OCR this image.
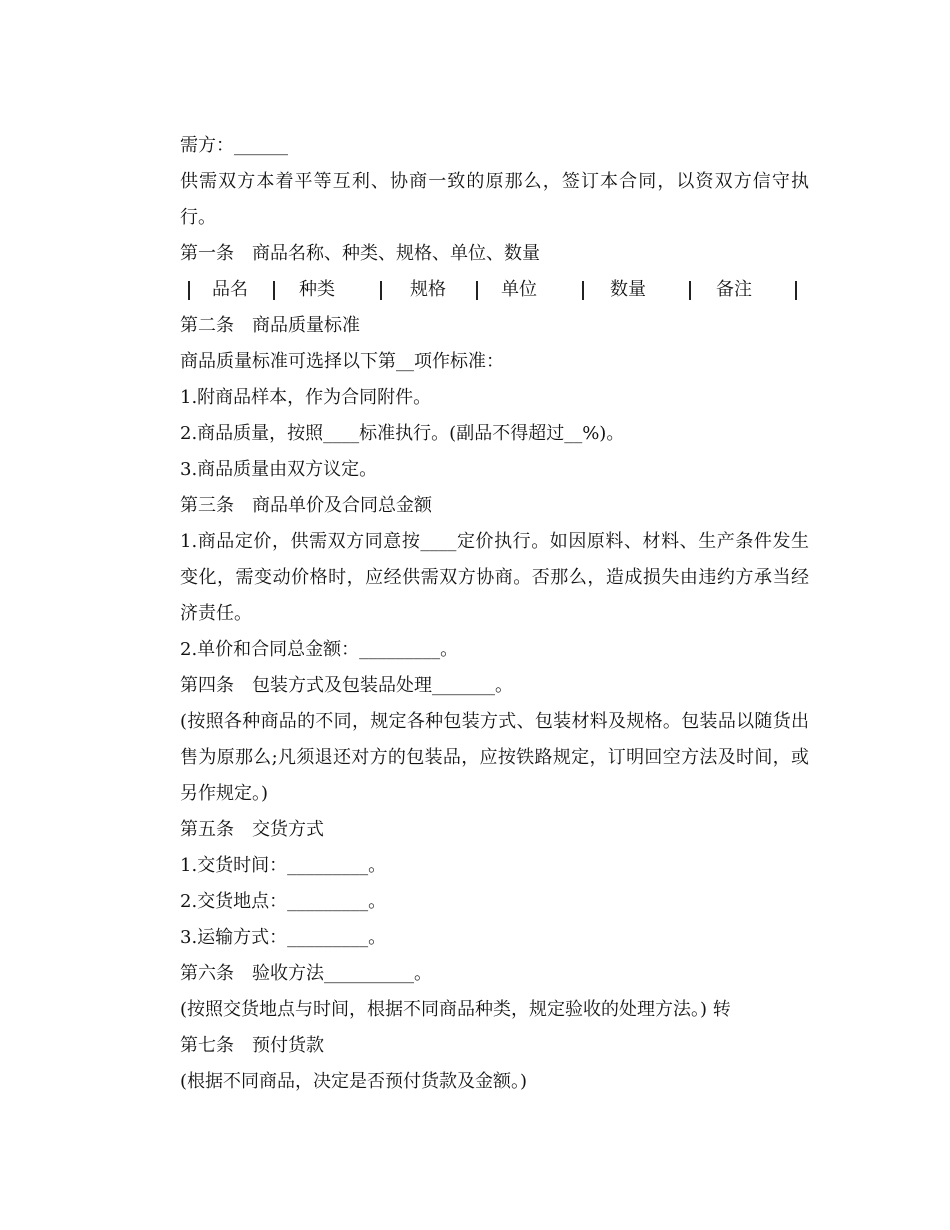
需方：______

供需双方本着平等互利、协商一致的原那么，签订本合同，以资双方信守执行。

第一条　商品名称、种类、规格、单位、数量

品名	种类	规格	单位	数量	备注

第二条　商品质量标准

商品质量标准可选择以下第__项作标准：

1.附商品样本，作为合同附件。

2.商品质量，按照____标准执行。(副品不得超过__%)。

3.商品质量由双方议定。

第三条　商品单价及合同总金额

1.商品定价，供需双方同意按____定价执行。如因原料、材料、生产条件发生变化，需变动价格时，应经供需双方协商。否那么，造成损失由违约方承当经济责任。

2.单价和合同总金额：_________。

第四条　包装方式及包装品处理_______。

(按照各种商品的不同，规定各种包装方式、包装材料及规格。包装品以随货出售为原那么;凡须退还对方的包装品，应按铁路规定，订明回空方法及时间，或另作规定。)

第五条　交货方式

1.交货时间：_________。

2.交货地点：_________。

3.运输方式：_________。

第六条　验收方法__________。

(按照交货地点与时间，根据不同商品种类，规定验收的处理方法。) 转

第七条　预付货款

(根据不同商品，决定是否预付货款及金额。)
